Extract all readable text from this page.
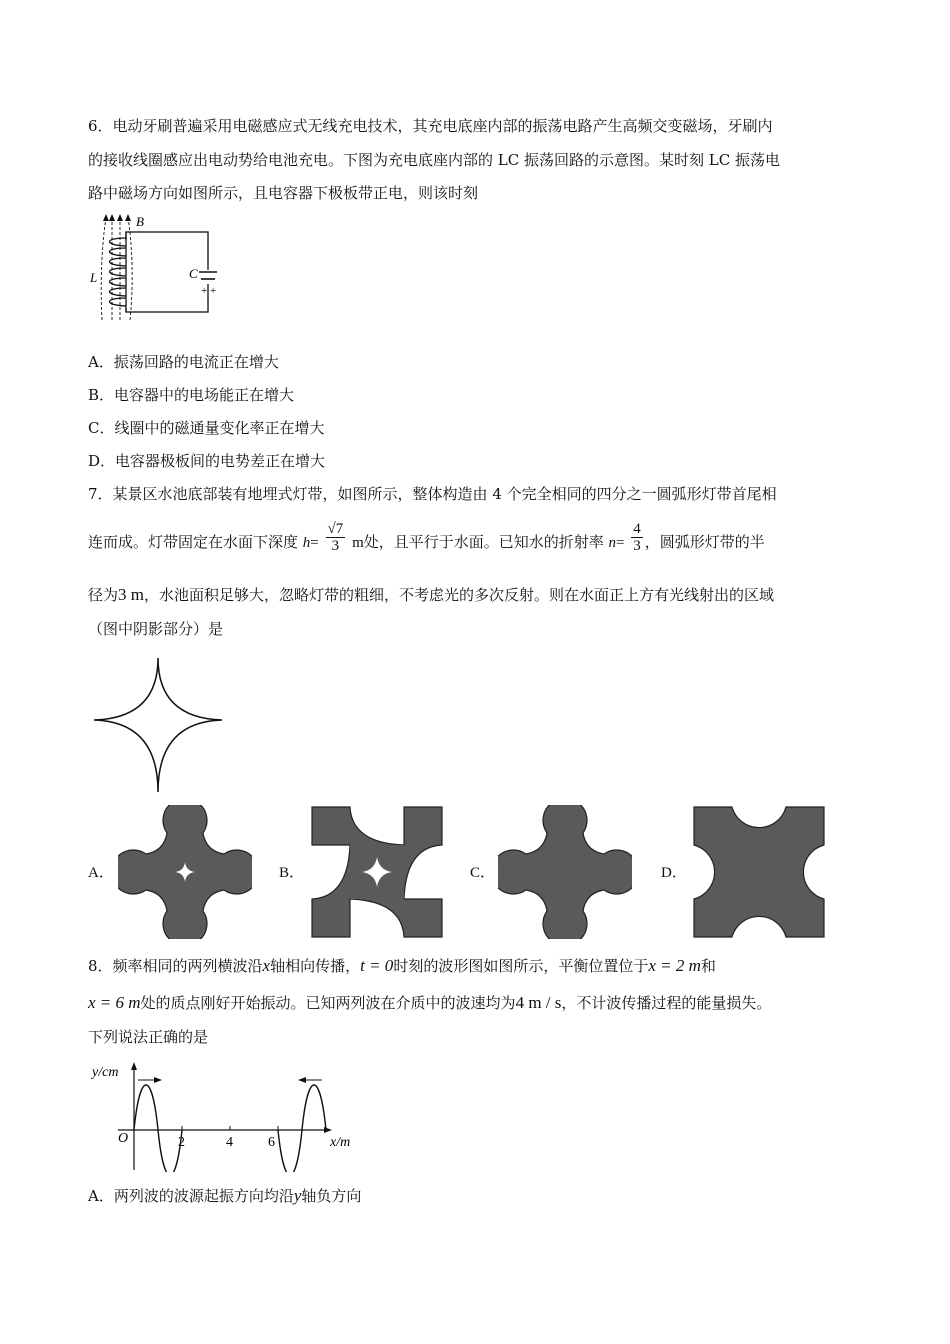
6．电动牙刷普遍采用电磁感应式无线充电技术，其充电底座内部的振荡电路产生高频交变磁场，牙刷内
的接收线圈感应出电动势给电池充电。下图为充电底座内部的 LC 振荡回路的示意图。某时刻 LC 振荡电
路中磁场方向如图所示，且电容器下极板带正电，则该时刻
B
L	C
+ +
A．振荡回路的电流正在增大
B．电容器中的电场能正在增大
C．线圈中的磁通量变化率正在增大
D．电容器极板间的电势差正在增大
7．某景区水池底部装有地埋式灯带，如图所示，整体构造由 4 个完全相同的四分之一圆弧形灯带首尾相
连而成。灯带固定在水面下深度 $h= \frac{√7}{3}$ m处，且平行于水面。已知水的折射率 $n= \frac{4}{3}$ ，圆弧形灯带的半
径为3 m，水池面积足够大，忽略灯带的粗细，不考虑光的多次反射。则在水面正上方有光线射出的区域
（图中阴影部分）是
A．	B．	C．	D．
8．频率相同的两列横波沿x轴相向传播，t = 0时刻的波形图如图所示，平衡位置位于x = 2 m和
x = 6 m处的质点刚好开始振动。已知两列波在介质中的波速均为4 m / s，不计波传播过程的能量损失。
下列说法正确的是
y/cm
x/m
O	2	4	6
A．两列波的波源起振方向均沿y轴负方向
